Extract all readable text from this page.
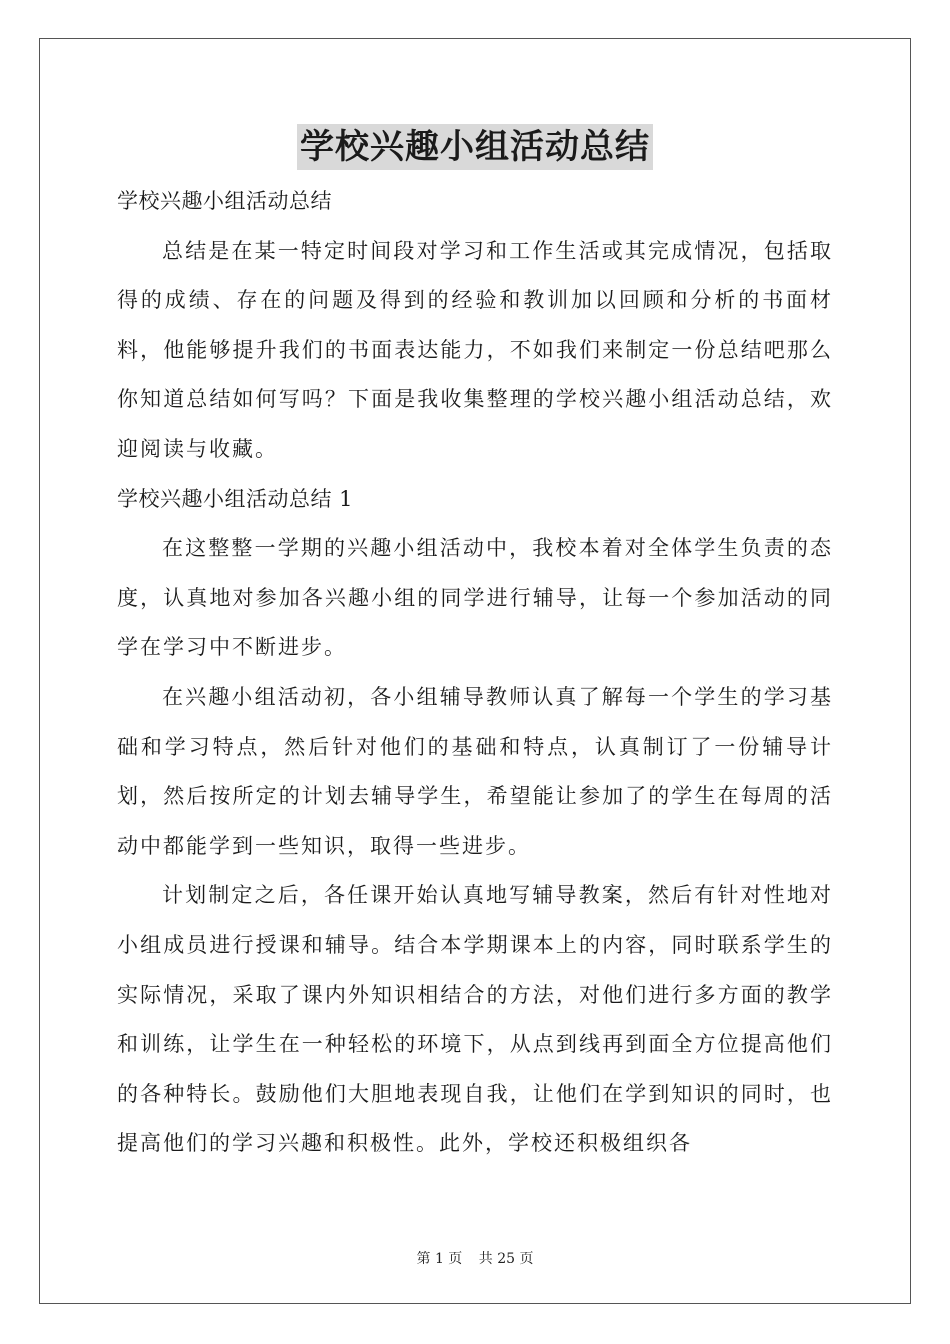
学校兴趣小组活动总结

学校兴趣小组活动总结

总结是在某一特定时间段对学习和工作生活或其完成情况，包括取得的成绩、存在的问题及得到的经验和教训加以回顾和分析的书面材料，他能够提升我们的书面表达能力，不如我们来制定一份总结吧那么你知道总结如何写吗？下面是我收集整理的学校兴趣小组活动总结，欢迎阅读与收藏。

学校兴趣小组活动总结 1

在这整整一学期的兴趣小组活动中，我校本着对全体学生负责的态度，认真地对参加各兴趣小组的同学进行辅导，让每一个参加活动的同学在学习中不断进步。

在兴趣小组活动初，各小组辅导教师认真了解每一个学生的学习基础和学习特点，然后针对他们的基础和特点，认真制订了一份辅导计划，然后按所定的计划去辅导学生，希望能让参加了的学生在每周的活动中都能学到一些知识，取得一些进步。

计划制定之后，各任课开始认真地写辅导教案，然后有针对性地对小组成员进行授课和辅导。结合本学期课本上的内容，同时联系学生的实际情况，采取了课内外知识相结合的方法，对他们进行多方面的教学和训练，让学生在一种轻松的环境下，从点到线再到面全方位提高他们的各种特长。鼓励他们大胆地表现自我，让他们在学到知识的同时，也提高他们的学习兴趣和积极性。此外，学校还积极组织各

第 1 页 共 25 页
